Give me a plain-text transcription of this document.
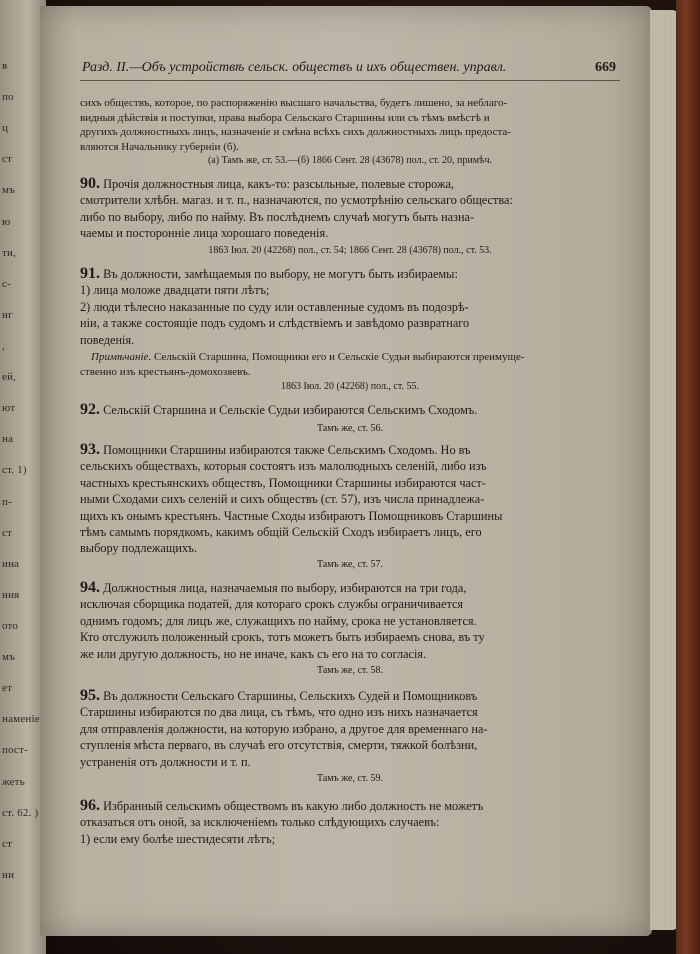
в
по
ц
ст
мъ
ю
ти,
с-
нг
,
ей,
ют
на
ст. 1)
п-
ст
ина
ния
ото
мъ
ет
наменіе
пост-
жеть
ст. 62. )
ст
ни
Разд. II.—Объ устройствѣ сельск. обществъ и ихъ обществен. управл.	669
сихъ обществъ, которое, по распоряженію высшаго начальства, будетъ лишено, за неблаго-
видныя дѣйствія и поступки, права выбора Сельскаго Старшины или съ тѣмъ вмѣстѣ и
другихъ должностныхъ лицъ, назначеніе и смѣна всѣхъ сихъ должностныхъ лицъ предоста-
вляются Начальнику губерніи (б).
(а) Тамъ же, ст. 53.—(б) 1866 Сент. 28 (43678) пол., ст. 20, примѣч.
90. Прочія должностныя лица, какъ-то: разсыльные, полевые сторожа,
смотрители хлѣбн. магаз. и т. п., назначаются, по усмотрѣнію сельскаго общества:
либо по выбору, либо по найму. Въ послѣднемъ случаѣ могутъ быть назна-
чаемы и посторонніе лица хорошаго поведенія.
1863 Іюл. 20 (42268) пол., ст. 54; 1866 Сент. 28 (43678) пол., ст. 53.
91. Въ должности, замѣщаемыя по выбору, не могутъ быть избираемы:
1) лица моложе двадцати пяти лѣтъ;
2) люди тѣлесно наказанные по суду или оставленные судомъ въ подозрѣ-
ніи, а также состоящіе подъ судомъ и слѣдствіемъ и завѣдомо развратнаго
поведенія.
Примѣчаніе. Сельскій Старшина, Помощники его и Сельскіе Судьи выбираются преимуще-
ственно изъ крестьянъ-домохозяевъ.
1863 Іюл. 20 (42268) пол., ст. 55.
92. Сельскій Старшина и Сельскіе Судьи избираются Сельскимъ Сходомъ.
Тамъ же, ст. 56.
93. Помощники Старшины избираются также Сельскимъ Сходомъ. Но въ
сельскихъ обществахъ, которыя состоятъ изъ малолюдныхъ селеній, либо изъ
частныхъ крестьянскихъ обществъ, Помощники Старшины избираются част-
ными Сходами сихъ селеній и сихъ обществъ (ст. 57), изъ числа принадлежа-
щихъ къ онымъ крестьянъ. Частные Сходы избираютъ Помощниковъ Старшины
тѣмъ самымъ порядкомъ, какимъ общій Сельскій Сходъ избираетъ лицъ, его
выбору подлежащихъ.
Тамъ же, ст. 57.
94. Должностныя лица, назначаемыя по выбору, избираются на три года,
исключая сборщика податей, для котораго срокъ службы ограничивается
однимъ годомъ; для лицъ же, служащихъ по найму, срока не установляется.
Кто отслужилъ положенный срокъ, тотъ можетъ быть избираемъ снова, въ ту
же или другую должность, но не иначе, какъ съ его на то согласія.
Тамъ же, ст. 58.
95. Въ должности Сельскаго Старшины, Сельскихъ Судей и Помощниковъ
Старшины избираются по два лица, съ тѣмъ, что одно изъ нихъ назначается
для отправленія должности, на которую избрано, а другое для временнаго на-
ступленія мѣста перваго, въ случаѣ его отсутствія, смерти, тяжкой болѣзни,
устраненія отъ должности и т. п.
Тамъ же, ст. 59.
96. Избранный сельскимъ обществомъ въ какую либо должность не можетъ
отказаться отъ оной, за исключеніемъ только слѣдующихъ случаевъ:
1) если ему болѣе шестидесяти лѣтъ;
